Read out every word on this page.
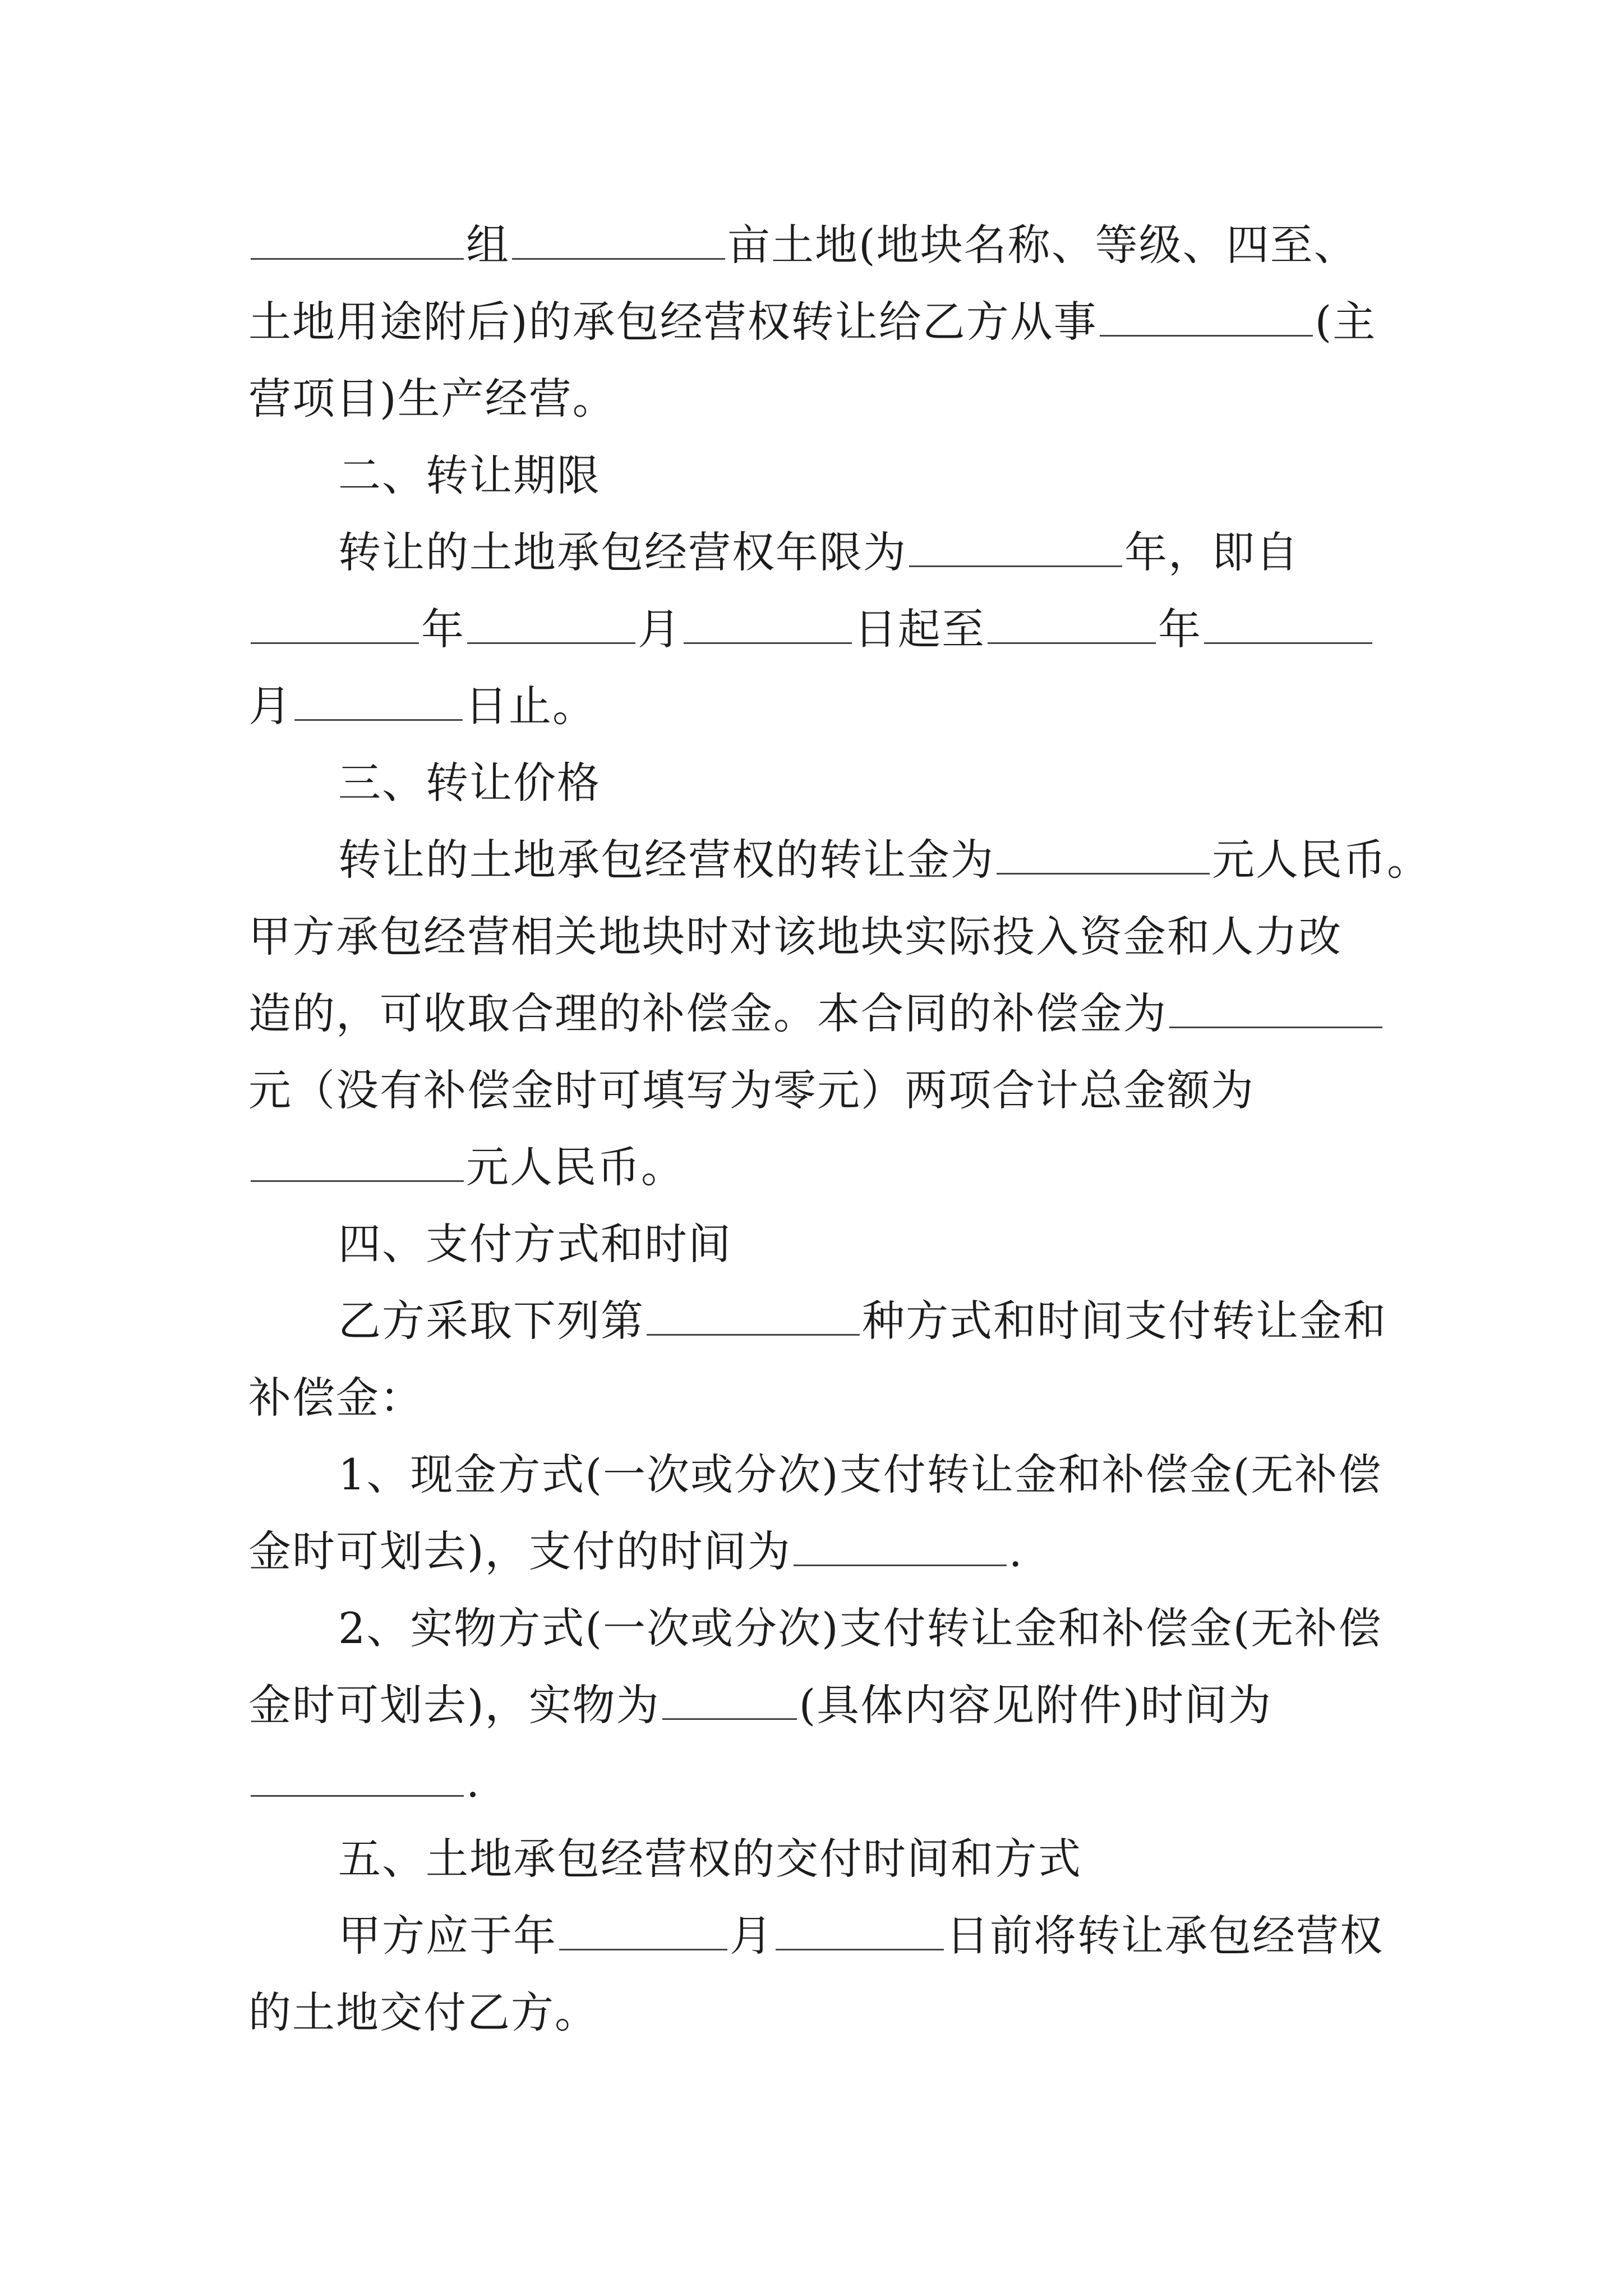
组	亩土地(地块名称、等级、四至、
土地用途附后)的承包经营权转让给乙方从事	(主
营项目)生产经营。
二、转让期限
转让的土地承包经营权年限为	年，即自
年	月	日起至	年
月	日止。
三、转让价格
转让的土地承包经营权的转让金为	元人民币。
甲方承包经营相关地块时对该地块实际投入资金和人力改
造的，可收取合理的补偿金。本合同的补偿金为
元（没有补偿金时可填写为零元）两项合计总金额为
元人民币。
四、支付方式和时间
乙方采取下列第	种方式和时间支付转让金和
补偿金：
1、现金方式(一次或分次)支付转让金和补偿金(无补偿
金时可划去)，支付的时间为	.
2、实物方式(一次或分次)支付转让金和补偿金(无补偿
金时可划去)，实物为	(具体内容见附件)时间为
.
五、土地承包经营权的交付时间和方式
甲方应于年	月	日前将转让承包经营权
的土地交付乙方。
